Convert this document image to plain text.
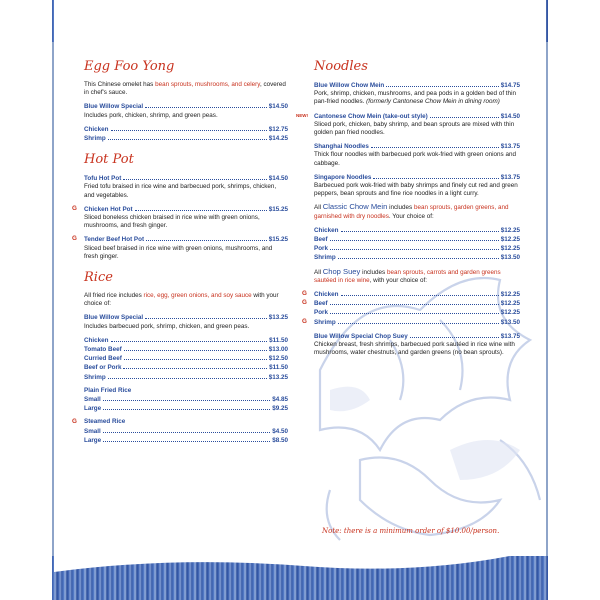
Egg Foo Yong

This Chinese omelet has bean sprouts, mushrooms, and celery, covered in chef's sauce.

Blue Willow Special	$14.50

Includes pork, chicken, shrimp, and green peas.

Chicken	$12.75
Shrimp	$14.25
Hot Pot
Tofu Hot Pot	$14.50

Fried tofu braised in rice wine and barbecued pork, shrimps, chicken, and vegetables.

G Chicken Hot Pot	$15.25

Sliced boneless chicken braised in rice wine with green onions, mushrooms, and fresh ginger.

G Tender Beef Hot Pot	$15.25

Sliced beef braised in rice wine with green onions, mushrooms, and fresh ginger.

Rice

All fried rice includes rice, egg, green onions, and soy sauce with your choice of:

Blue Willow Special	$13.25

Includes barbecued pork, shrimp, chicken, and green peas.

Chicken	$11.50
Tomato Beef	$13.00
Curried Beef	$12.50
Beef or Pork	$11.50
Shrimp	$13.25
Plain Fried Rice
Small	$4.85
Large	$9.25
G Steamed Rice
Small	$4.50
Large	$8.50
Noodles
Blue Willow Chow Mein	$14.75

Pork, shrimp, chicken, mushrooms, and pea pods in a golden bed of thin pan-fried noodles. (formerly Cantonese Chow Mein in dining room)

NEW! Cantonese Chow Mein (take-out style)	$14.50

Sliced pork, chicken, baby shrimp, and bean sprouts are mixed with thin golden pan fried noodles.

Shanghai Noodles	$13.75

Thick flour noodles with barbecued pork wok-fried with green onions and cabbage.

Singapore Noodles	$13.75

Barbecued pork wok-fried with baby shrimps and finely cut red and green peppers, bean sprouts and fine rice noodles in a light curry.

All Classic Chow Mein includes bean sprouts, garden greens, and garnished with dry noodles. Your choice of:

Chicken	$12.25
Beef	$12.25
Pork	$12.25
Shrimp	$13.50

All Chop Suey includes bean sprouts, carrots and garden greens sautéed in rice wine, with your choice of:

G Chicken	$12.25
G Beef	$12.25
Pork	$12.25
G Shrimp	$13.50
Blue Willow Special Chop Suey	$13.75

Chicken breast, fresh shrimps, barbecued pork sautéed in rice wine with mushrooms, water chestnuts, and garden greens (no bean sprouts).

Note: there is a minimum order of $10.00/person.
